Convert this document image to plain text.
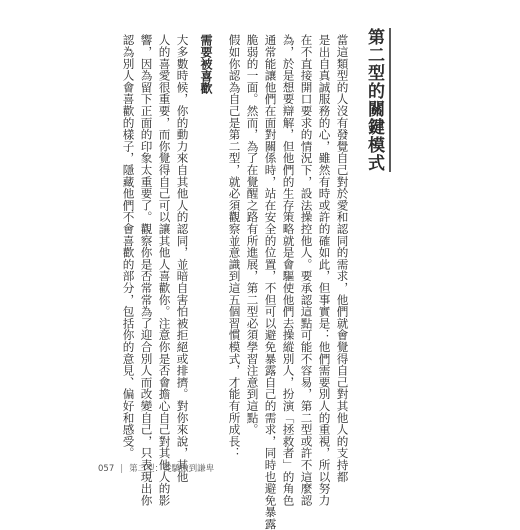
第二型的關鍵模式
當這類型的人沒有發覺自己對於愛和認同的需求，他們就會覺得自己對其他人的支持都
是出自真誠服務的心，雖然有時或許的確如此，但事實是：他們需要別人的重視，所以努力
在不直接開口要求的情況下，設法操控他人。要承認這點可能不容易，第二型或許不這麼認
為，於是想要辯解，但他們的生存策略就是會驅使他們去操縱別人，扮演「拯救者」的角色
通常能讓他們在面對關係時，站在安全的位置，不但可以避免暴露自己的需求，同時也避免暴露
脆弱的一面。然而，為了在覺醒之路有所進展，第二型必須學習注意到這點。
假如你認為自己是第二型，就必須觀察並意識到這五個習慣模式，才能有所成長：
需要被喜歡
大多數時候，你的動力來自其他人的認同，並暗自害怕被拒絕或排擠。對你來說，其他
人的喜愛很重要，而你覺得自己可以讓其他人喜歡你。注意你是否會擔心自己對其他人的影
響，因為留下正面的印象太重要了。觀察你是否常常為了迎合別人而改變自己，只表現出你
認為別人會喜歡的樣子，隱藏他們不會喜歡的部分，包括你的意見、偏好和感受。
057 | 第二型：從驕傲到謙卑
